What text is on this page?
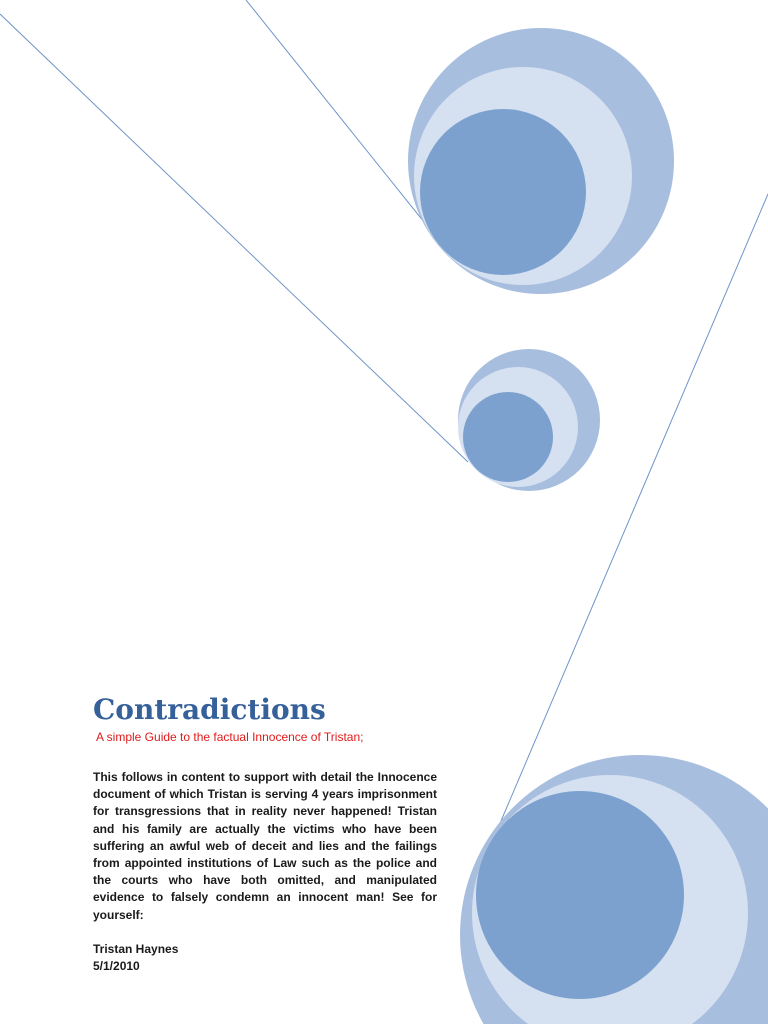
Contradictions
A simple Guide to the factual Innocence of Tristan;

This follows in content to support with detail the Innocence document of which Tristan is serving 4 years imprisonment for transgressions that in reality never happened! Tristan and his family are actually the victims who have been suffering an awful web of deceit and lies and the failings from appointed institutions of Law such as the police and the courts who have both omitted, and manipulated evidence to falsely condemn an innocent man! See for yourself:

Tristan Haynes
5/1/2010
